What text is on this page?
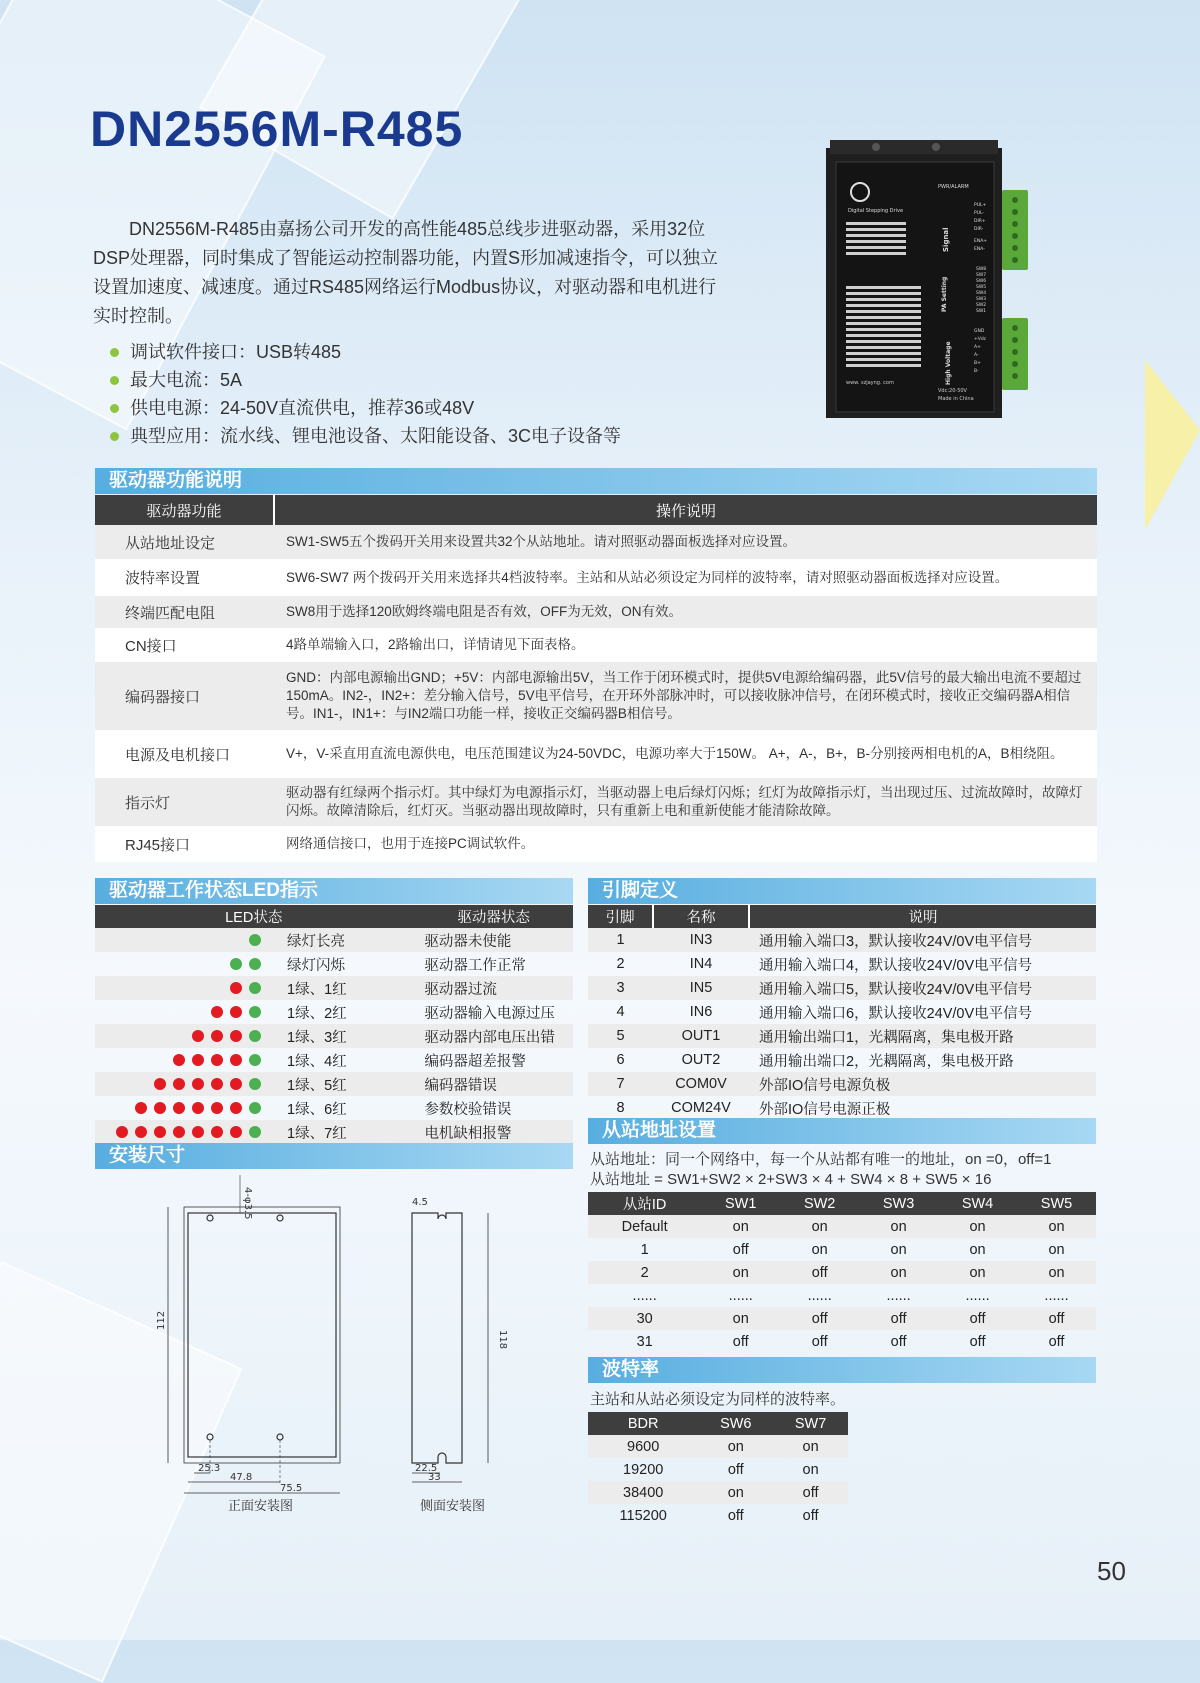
DN2556M-R485

DN2556M-R485由嘉扬公司开发的高性能485总线步进驱动器，采用32位DSP处理器，同时集成了智能运动控制器功能，内置S形加减速指令，可以独立设置加速度、减速度。通过RS485网络运行Modbus协议，对驱动器和电机进行实时控制。

调试软件接口：USB转485
最大电流：5A
供电电源：24-50V直流供电，推荐36或48V
典型应用：流水线、锂电池设备、太阳能设备、3C电子设备等
Digital Stepping Drive
www. szjayng. com
PWR/ALARM
Signal
PA Setting
High Voltage
Vdc:20-50V
Made in China
PUL+
PUL-
DIR+
DIR-
ENA+
ENA-
SW8
SW7
SW6
SW5
SW4
SW3
SW2
SW1
GND
+Vdc
A+
A-
B+
B-
驱动器功能说明
驱动器功能	操作说明
从站地址设定	SW1-SW5五个拨码开关用来设置共32个从站地址。请对照驱动器面板选择对应设置。
波特率设置	SW6-SW7 两个拨码开关用来选择共4档波特率。主站和从站必须设定为同样的波特率，请对照驱动器面板选择对应设置。
终端匹配电阻	SW8用于选择120欧姆终端电阻是否有效，OFF为无效，ON有效。
CN接口	4路单端输入口，2路输出口，详情请见下面表格。
编码器接口	GND：内部电源输出GND；+5V：内部电源输出5V，当工作于闭环模式时，提供5V电源给编码器，此5V信号的最大输出电流不要超过150mA。IN2-，IN2+：差分输入信号，5V电平信号，在开环外部脉冲时，可以接收脉冲信号，在闭环模式时，接收正交编码器A相信号。IN1-，IN1+：与IN2端口功能一样，接收正交编码器B相信号。
电源及电机接口	V+，V-采直用直流电源供电，电压范围建议为24-50VDC，电源功率大于150W。 A+，A-，B+，B-分别接两相电机的A，B相绕阻。
指示灯	驱动器有红绿两个指示灯。其中绿灯为电源指示灯，当驱动器上电后绿灯闪烁；红灯为故障指示灯，当出现过压、过流故障时，故障灯闪烁。故障清除后，红灯灭。当驱动器出现故障时，只有重新上电和重新使能才能清除故障。
RJ45接口	网络通信接口，也用于连接PC调试软件。
驱动器工作状态LED指示
LED状态		驱动器状态
	绿灯长亮	驱动器未使能
	绿灯闪烁	驱动器工作正常
	1绿、1红	驱动器过流
	1绿、2红	驱动器输入电源过压
	1绿、3红	驱动器内部电压出错
	1绿、4红	编码器超差报警
	1绿、5红	编码器错误
	1绿、6红	参数校验错误
	1绿、7红	电机缺相报警
引脚定义
引脚	名称	说明
1	IN3	通用输入端口3，默认接收24V/0V电平信号
2	IN4	通用输入端口4，默认接收24V/0V电平信号
3	IN5	通用输入端口5，默认接收24V/0V电平信号
4	IN6	通用输入端口6，默认接收24V/0V电平信号
5	OUT1	通用输出端口1，光耦隔离，集电极开路
6	OUT2	通用输出端口2，光耦隔离，集电极开路
7	COM0V	外部IO信号电源负极
8	COM24V	外部IO信号电源正极
安装尺寸
4-φ3.5	4.5
112
118
25.3
47.8
75.5
22.5
33
正面安装图	侧面安装图
从站地址设置
从站地址：同一个网络中，每一个从站都有唯一的地址，on =0，off=1
从站地址 = SW1+SW2 × 2+SW3 × 4 + SW4 × 8 + SW5 × 16
从站ID	SW1	SW2	SW3	SW4	SW5
Default	on	on	on	on	on
1	off	on	on	on	on
2	on	off	on	on	on
......	......	......	......	......	......
30	on	off	off	off	off
31	off	off	off	off	off
波特率
主站和从站必须设定为同样的波特率。
BDR	SW6	SW7
9600	on	on
19200	off	on
38400	on	off
115200	off	off
50
